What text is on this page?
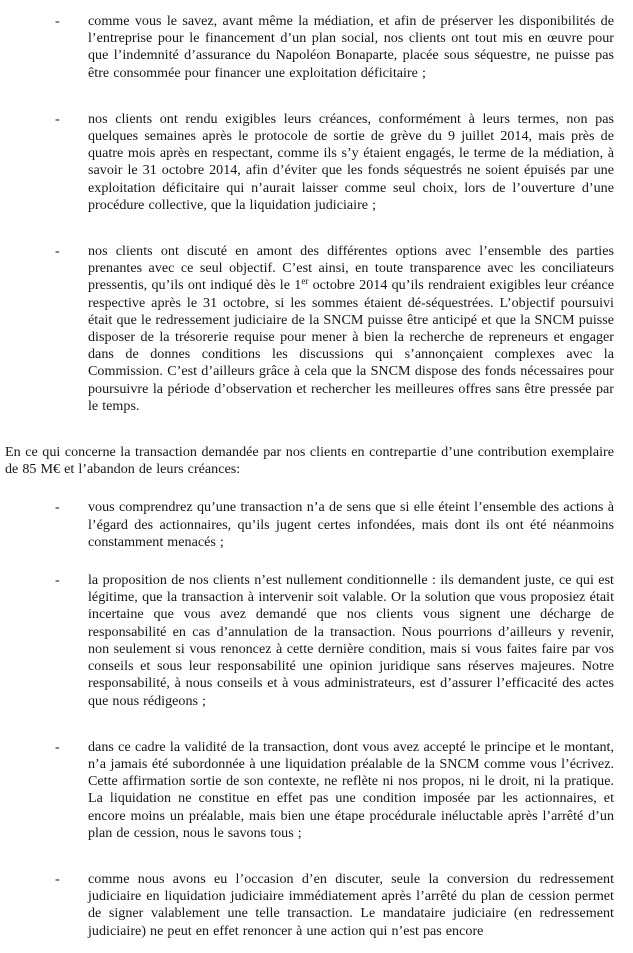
-	comme vous le savez, avant même la médiation, et afin de préserver les disponibilités de l’entreprise pour le financement d’un plan social, nos clients ont tout mis en œuvre pour que l’indemnité d’assurance du Napoléon Bonaparte, placée sous séquestre, ne puisse pas être consommée pour financer une exploitation déficitaire ;

-	nos clients ont rendu exigibles leurs créances, conformément à leurs termes, non pas quelques semaines après le protocole de sortie de grève du 9 juillet 2014, mais près de quatre mois après en respectant, comme ils s’y étaient engagés, le terme de la médiation, à savoir le 31 octobre 2014, afin d’éviter que les fonds séquestrés ne soient épuisés par une exploitation déficitaire qui n’aurait laisser comme seul choix, lors de l’ouverture d’une procédure collective, que la liquidation judiciaire ;

-	nos clients ont discuté en amont des différentes options avec l’ensemble des parties prenantes avec ce seul objectif. C’est ainsi, en toute transparence avec les conciliateurs pressentis, qu’ils ont indiqué dès le 1er octobre 2014 qu’ils rendraient exigibles leur créance respective après le 31 octobre, si les sommes étaient dé-séquestrées. L’objectif poursuivi était que le redressement judiciaire de la SNCM puisse être anticipé et que la SNCM puisse disposer de la trésorerie requise pour mener à bien la recherche de repreneurs et engager dans de donnes conditions les discussions qui s’annonçaient complexes avec la Commission. C’est d’ailleurs grâce à cela que la SNCM dispose des fonds nécessaires pour poursuivre la période d’observation et rechercher les meilleures offres sans être pressée par le temps.

En ce qui concerne la transaction demandée par nos clients en contrepartie d’une contribution exemplaire de 85 M€ et l’abandon de leurs créances:

-	vous comprendrez qu’une transaction n’a de sens que si elle éteint l’ensemble des actions à l’égard des actionnaires, qu’ils jugent certes infondées, mais dont ils ont été néanmoins constamment menacés ;

-	la proposition de nos clients n’est nullement conditionnelle : ils demandent juste, ce qui est légitime, que la transaction à intervenir soit valable. Or la solution que vous proposiez était incertaine que vous avez demandé que nos clients vous signent une décharge de responsabilité en cas d’annulation de la transaction. Nous pourrions d’ailleurs y revenir, non seulement si vous renoncez à cette dernière condition, mais si vous faites faire par vos conseils et sous leur responsabilité une opinion juridique sans réserves majeures. Notre responsabilité, à nous conseils et à vous administrateurs, est d’assurer l’efficacité des actes que nous rédigeons ;

-	dans ce cadre la validité de la transaction, dont vous avez accepté le principe et le montant, n’a jamais été subordonnée à une liquidation préalable de la SNCM comme vous l’écrivez. Cette affirmation sortie de son contexte, ne reflète ni nos propos, ni le droit, ni la pratique. La liquidation ne constitue en effet pas une condition imposée par les actionnaires, et encore moins un préalable, mais bien une étape procédurale inéluctable après l’arrêté d’un plan de cession, nous le savons tous ;

-	comme nous avons eu l’occasion d’en discuter, seule la conversion du redressement judiciaire en liquidation judiciaire immédiatement après l’arrêté du plan de cession permet de signer valablement une telle transaction. Le mandataire judiciaire (en redressement judiciaire) ne peut en effet renoncer à une action qui n’est pas encore
